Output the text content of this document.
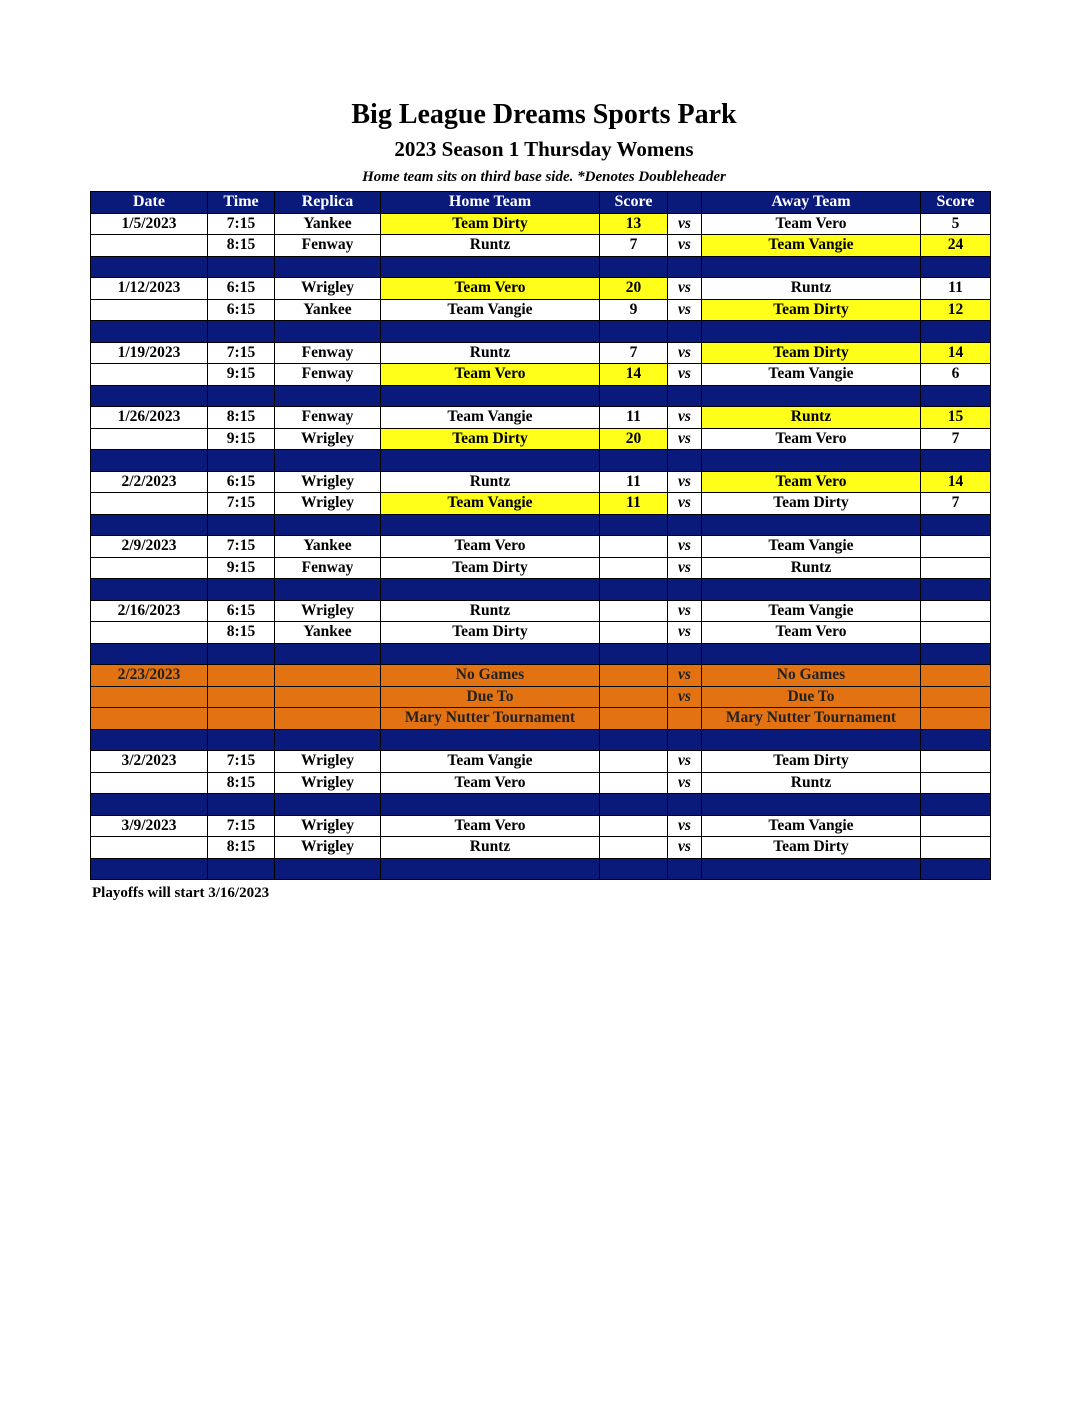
Big League Dreams Sports Park
2023 Season 1 Thursday Womens
Home team sits on third base side. *Denotes Doubleheader
Date	Time	Replica	Home Team	Score		Away Team	Score
1/5/2023	7:15	Yankee	Team Dirty	13	vs	Team Vero	5
	8:15	Fenway	Runtz	7	vs	Team Vangie	24

1/12/2023	6:15	Wrigley	Team Vero	20	vs	Runtz	11
	6:15	Yankee	Team Vangie	9	vs	Team Dirty	12

1/19/2023	7:15	Fenway	Runtz	7	vs	Team Dirty	14
	9:15	Fenway	Team Vero	14	vs	Team Vangie	6

1/26/2023	8:15	Fenway	Team Vangie	11	vs	Runtz	15
	9:15	Wrigley	Team Dirty	20	vs	Team Vero	7

2/2/2023	6:15	Wrigley	Runtz	11	vs	Team Vero	14
	7:15	Wrigley	Team Vangie	11	vs	Team Dirty	7

2/9/2023	7:15	Yankee	Team Vero		vs	Team Vangie	
	9:15	Fenway	Team Dirty		vs	Runtz	

2/16/2023	6:15	Wrigley	Runtz		vs	Team Vangie	
	8:15	Yankee	Team Dirty		vs	Team Vero	

2/23/2023			No Games		vs	No Games	
			Due To		vs	Due To	
			Mary Nutter Tournament			Mary Nutter Tournament	

3/2/2023	7:15	Wrigley	Team Vangie		vs	Team Dirty	
	8:15	Wrigley	Team Vero		vs	Runtz	

3/9/2023	7:15	Wrigley	Team Vero		vs	Team Vangie	
	8:15	Wrigley	Runtz		vs	Team Dirty	

Playoffs will start 3/16/2023
